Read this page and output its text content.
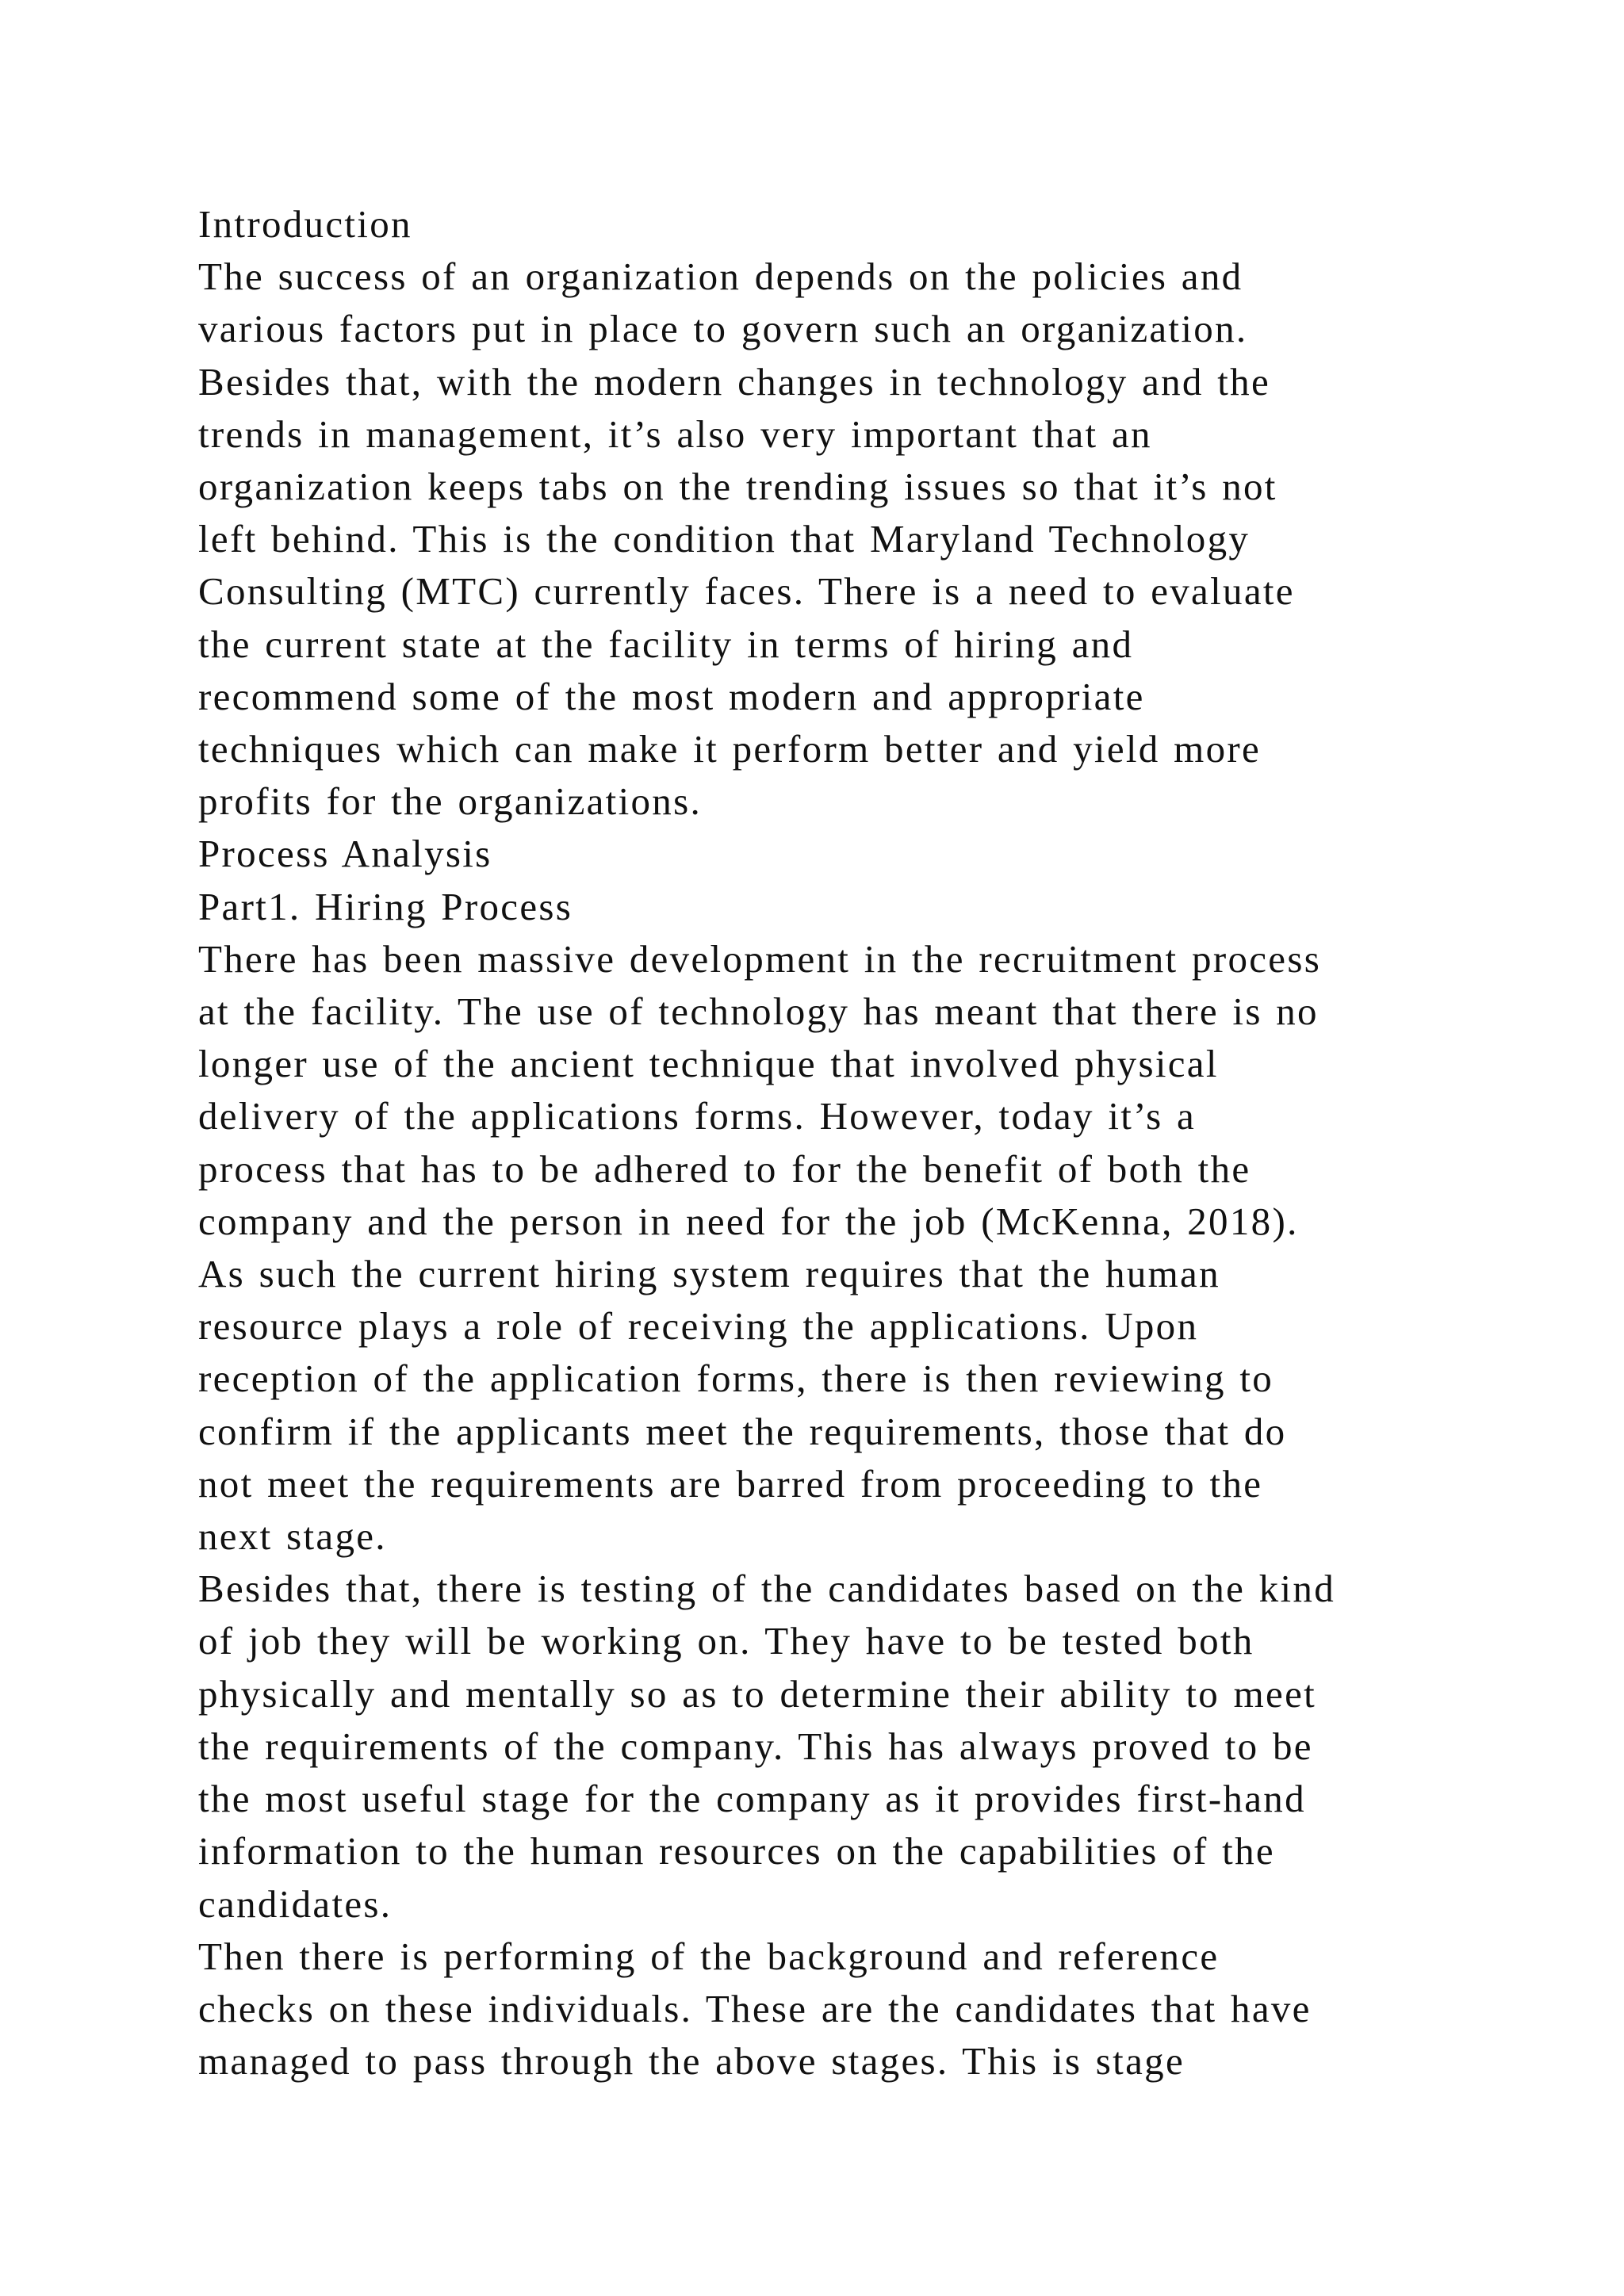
Introduction
The success of an organization depends on the policies and
various factors put in place to govern such an organization.
Besides that, with the modern changes in technology and the
trends in management, it’s also very important that an
organization keeps tabs on the trending issues so that it’s not
left behind. This is the condition that Maryland Technology
Consulting (MTC) currently faces. There is a need to evaluate
the current state at the facility in terms of hiring and
recommend some of the most modern and appropriate
techniques which can make it perform better and yield more
profits for the organizations.
Process Analysis
Part1. Hiring Process
There has been massive development in the recruitment process
at the facility. The use of technology has meant that there is no
longer use of the ancient technique that involved physical
delivery of the applications forms. However, today it’s a
process that has to be adhered to for the benefit of both the
company and the person in need for the job (McKenna, 2018).
As such the current hiring system requires that the human
resource plays a role of receiving the applications. Upon
reception of the application forms, there is then reviewing to
confirm if the applicants meet the requirements, those that do
not meet the requirements are barred from proceeding to the
next stage.
Besides that, there is testing of the candidates based on the kind
of job they will be working on. They have to be tested both
physically and mentally so as to determine their ability to meet
the requirements of the company. This has always proved to be
the most useful stage for the company as it provides first-hand
information to the human resources on the capabilities of the
candidates.
Then there is performing of the background and reference
checks on these individuals. These are the candidates that have
managed to pass through the above stages. This is stage
